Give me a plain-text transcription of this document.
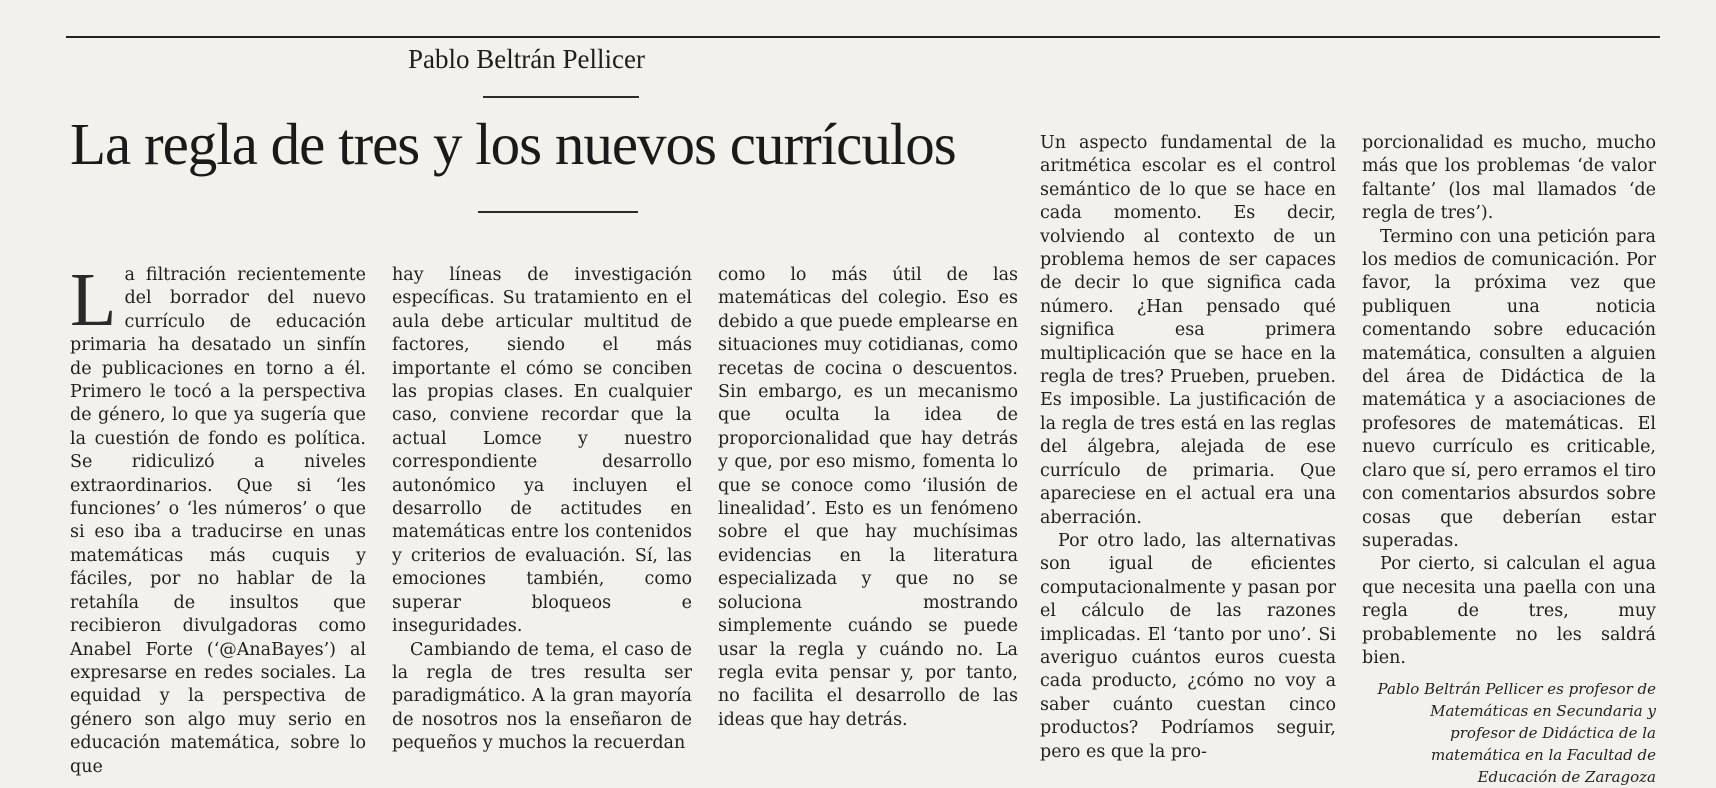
Pablo Beltrán Pellicer
La regla de tres y los nuevos currículos

La filtración recientemente del borrador del nuevo currículo de educación primaria ha desatado un sinfín de publicaciones en torno a él. Primero le tocó a la perspectiva de género, lo que ya sugería que la cuestión de fondo es política. Se ridiculizó a niveles extraordinarios. Que si ‘les funciones’ o ‘les números’ o que si eso iba a traducirse en unas matemáticas más cuquis y fáciles, por no hablar de la retahíla de insultos que recibieron divulgadoras como Anabel Forte (‘@AnaBayes’) al expresarse en redes sociales. La equidad y la perspectiva de género son algo muy serio en educación matemática, sobre lo que

hay líneas de investigación específicas. Su tratamiento en el aula debe articular multitud de factores, siendo el más importante el cómo se conciben las propias clases. En cualquier caso, conviene recordar que la actual Lomce y nuestro correspondiente desarrollo autonómico ya incluyen el desarrollo de actitudes en matemáticas entre los contenidos y criterios de evaluación. Sí, las emociones también, como superar bloqueos e inseguridades.

Cambiando de tema, el caso de la regla de tres resulta ser paradigmático. A la gran mayoría de nosotros nos la enseñaron de pequeños y muchos la recuerdan

como lo más útil de las matemáticas del colegio. Eso es debido a que puede emplearse en situaciones muy cotidianas, como recetas de cocina o descuentos. Sin embargo, es un mecanismo que oculta la idea de proporcionalidad que hay detrás y que, por eso mismo, fomenta lo que se conoce como ‘ilusión de linealidad’. Esto es un fenómeno sobre el que hay muchísimas evidencias en la literatura especializada y que no se soluciona mostrando simplemente cuándo se puede usar la regla y cuándo no. La regla evita pensar y, por tanto, no facilita el desarrollo de las ideas que hay detrás.

Un aspecto fundamental de la aritmética escolar es el control semántico de lo que se hace en cada momento. Es decir, volviendo al contexto de un problema hemos de ser capaces de decir lo que significa cada número. ¿Han pensado qué significa esa primera multiplicación que se hace en la regla de tres? Prueben, prueben. Es imposible. La justificación de la regla de tres está en las reglas del álgebra, alejada de ese currículo de primaria. Que apareciese en el actual era una aberración.

Por otro lado, las alternativas son igual de eficientes computacionalmente y pasan por el cálculo de las razones implicadas. El ‘tanto por uno’. Si averiguo cuántos euros cuesta cada producto, ¿cómo no voy a saber cuánto cuestan cinco productos? Podríamos seguir, pero es que la pro-

porcionalidad es mucho, mucho más que los problemas ‘de valor faltante’ (los mal llamados ‘de regla de tres’).

Termino con una petición para los medios de comunicación. Por favor, la próxima vez que publiquen una noticia comentando sobre educación matemática, consulten a alguien del área de Didáctica de la matemática y a asociaciones de profesores de matemáticas. El nuevo currículo es criticable, claro que sí, pero erramos el tiro con comentarios absurdos sobre cosas que deberían estar superadas.

Por cierto, si calculan el agua que necesita una paella con una regla de tres, muy probablemente no les saldrá bien.

Pablo Beltrán Pellicer es profesor de Matemáticas en Secundaria y profesor de Didáctica de la matemática en la Facultad de Educación de Zaragoza
